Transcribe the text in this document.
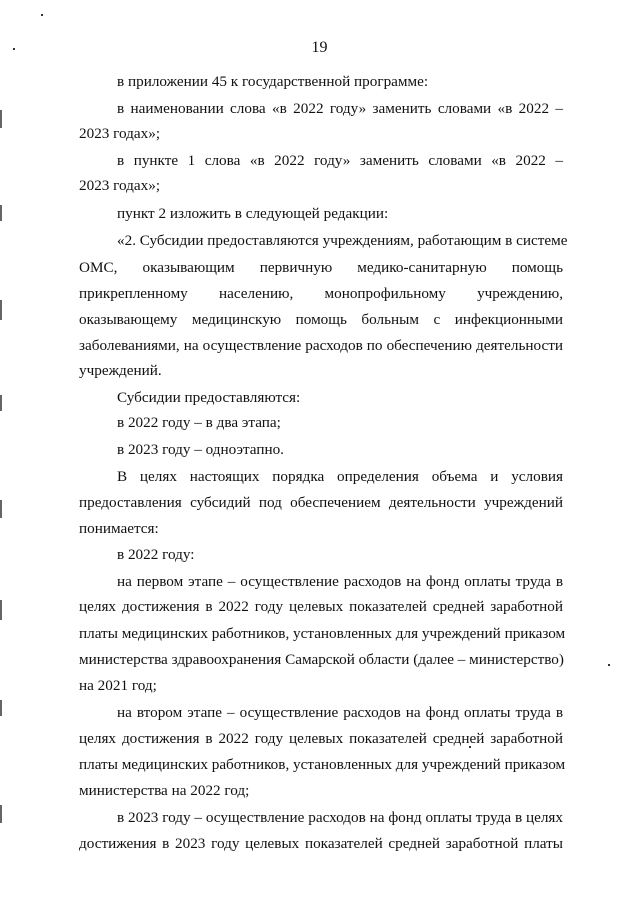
19
в приложении 45 к государственной программе:
в наименовании слова «в 2022 году» заменить словами «в 2022 –
2023 годах»;
в пункте 1 слова «в 2022 году» заменить словами «в 2022 –
2023 годах»;
пункт 2 изложить в следующей редакции:
«2. Субсидии предоставляются учреждениям, работающим в системе
ОМС, оказывающим первичную медико-санитарную помощь
прикрепленному населению, монопрофильному учреждению,
оказывающему медицинскую помощь больным с инфекционными
заболеваниями, на осуществление расходов по обеспечению деятельности
учреждений.
Субсидии предоставляются:
в 2022 году – в два этапа;
в 2023 году – одноэтапно.
В целях настоящих порядка определения объема и условия
предоставления субсидий под обеспечением деятельности учреждений
понимается:
в 2022 году:
на первом этапе – осуществление расходов на фонд оплаты труда в
целях достижения в 2022 году целевых показателей средней заработной
платы медицинских работников, установленных для учреждений приказом
министерства здравоохранения Самарской области (далее – министерство)
на 2021 год;
на втором этапе – осуществление расходов на фонд оплаты труда в
целях достижения в 2022 году целевых показателей средней заработной
платы медицинских работников, установленных для учреждений приказом
министерства на 2022 год;
в 2023 году – осуществление расходов на фонд оплаты труда в целях
достижения в 2023 году целевых показателей средней заработной платы
